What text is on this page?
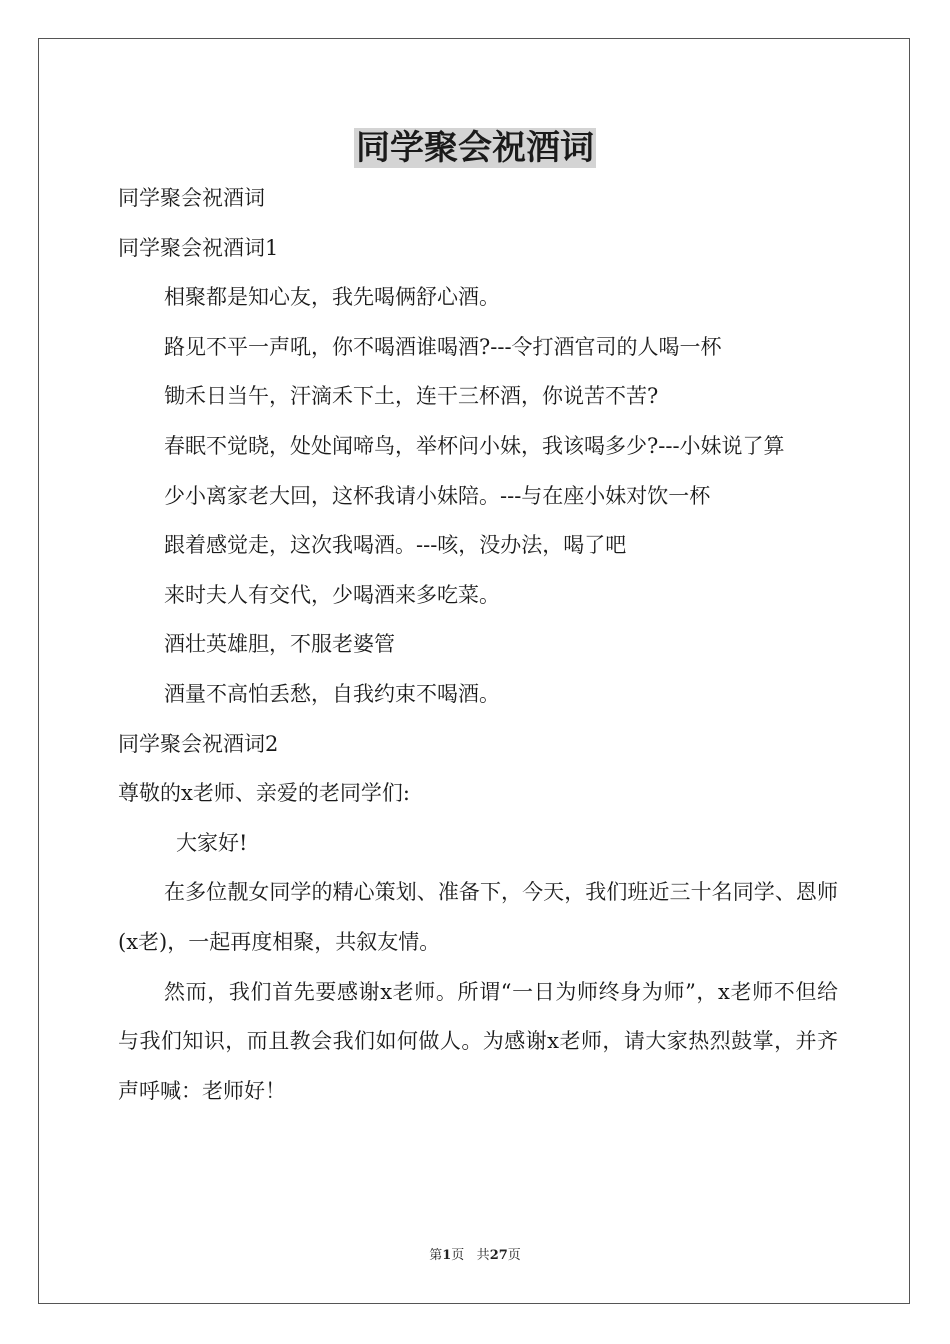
同学聚会祝酒词

同学聚会祝酒词

同学聚会祝酒词1

相聚都是知心友，我先喝俩舒心酒。

路见不平一声吼，你不喝酒谁喝酒?---令打酒官司的人喝一杯

锄禾日当午，汗滴禾下土，连干三杯酒，你说苦不苦?

春眠不觉晓，处处闻啼鸟，举杯问小妹，我该喝多少?---小妹说了算

少小离家老大回，这杯我请小妹陪。---与在座小妹对饮一杯

跟着感觉走，这次我喝酒。---咳，没办法，喝了吧

来时夫人有交代，少喝酒来多吃菜。

酒壮英雄胆，不服老婆管

酒量不高怕丢愁，自我约束不喝酒。

同学聚会祝酒词2

尊敬的x老师、亲爱的老同学们:

大家好!

在多位靓女同学的精心策划、准备下，今天，我们班近三十名同学、恩师(x老)，一起再度相聚，共叙友情。

然而，我们首先要感谢x老师。所谓“一日为师终身为师”，x老师不但给与我们知识，而且教会我们如何做人。为感谢x老师，请大家热烈鼓掌，并齐声呼喊：老师好！

第1页 共27页
